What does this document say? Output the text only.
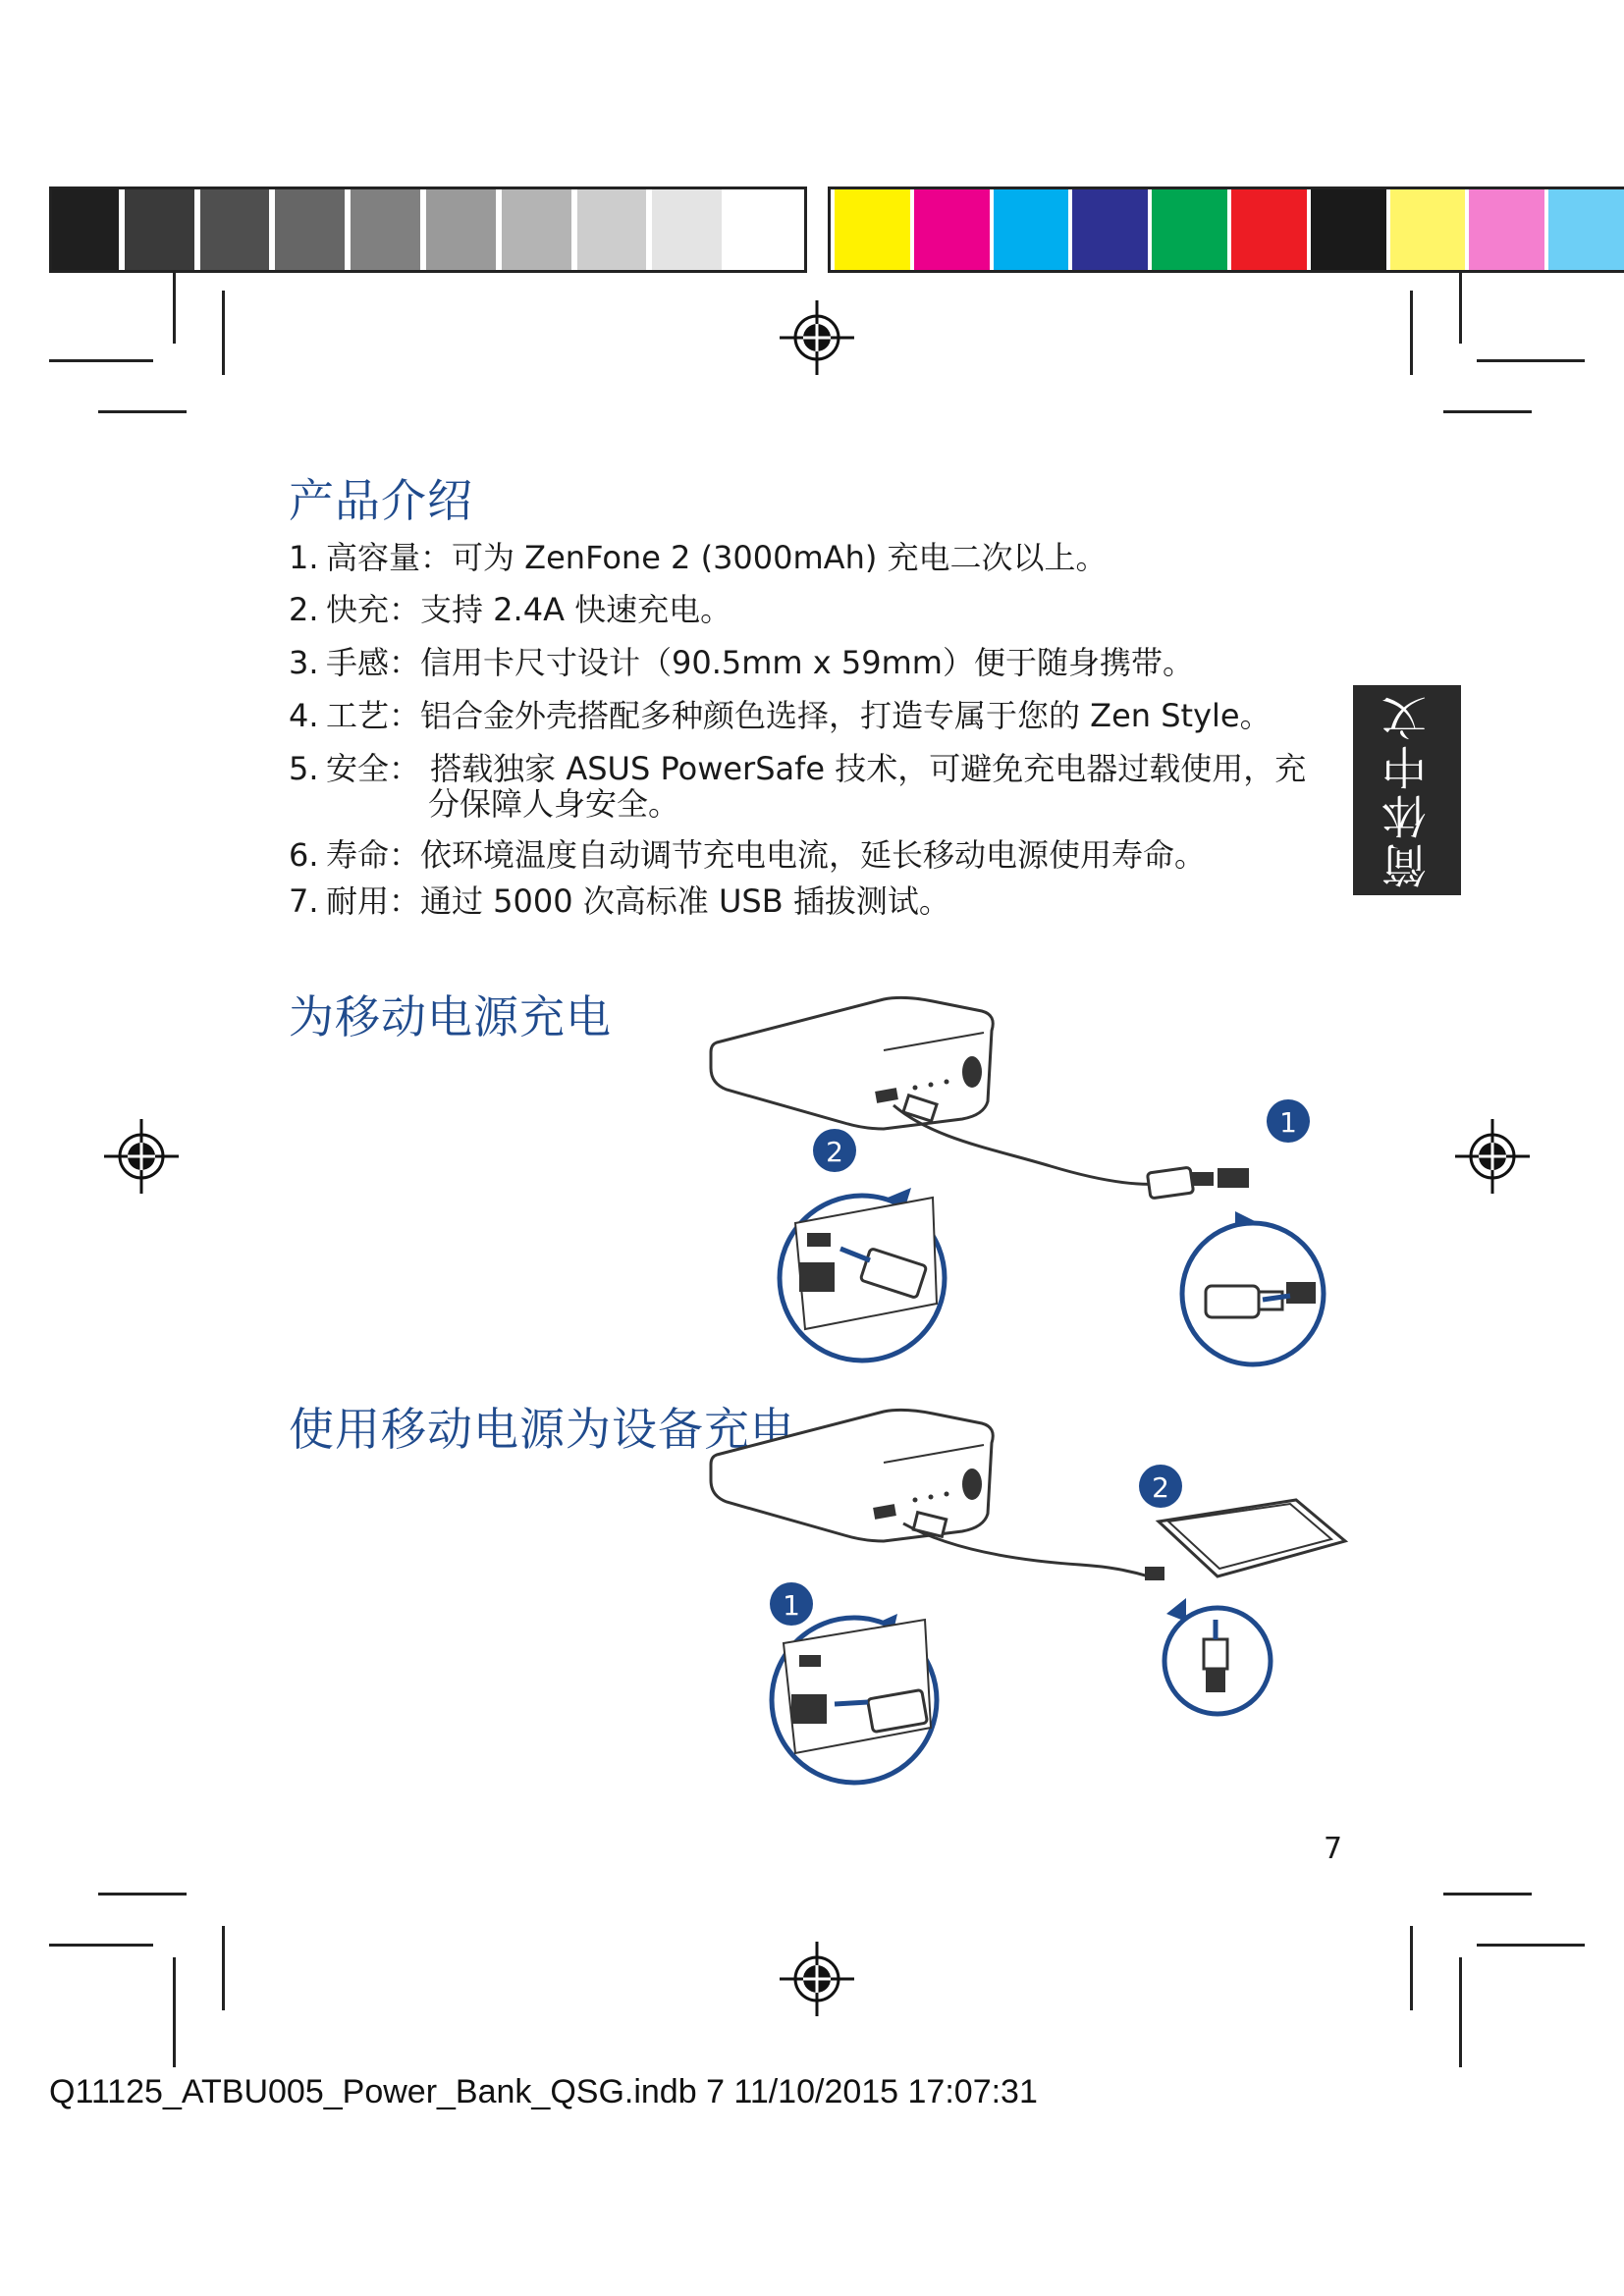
产品介绍
1. 高容量：可为 ZenFone 2 (3000mAh) 充电二次以上。
2. 快充：支持 2.4A 快速充电。
3. 手感：信用卡尺寸设计（90.5mm x 59mm）便于随身携带。
4. 工艺：铝合金外壳搭配多种颜色选择，打造专属于您的 Zen Style。
5. 安全： 搭载独家 ASUS PowerSafe 技术，可避免充电器过载使用，充
分保障人身安全。
6. 寿命：依环境温度自动调节充电电流，延长移动电源使用寿命。
7. 耐用：通过 5000 次高标准 USB 插拔测试。
简体中文
为移动电源充电
2
1
使用移动电源为设备充电
1
2
7
Q11125_ATBU005_Power_Bank_QSG.indb 7 11/10/2015 17:07:31
